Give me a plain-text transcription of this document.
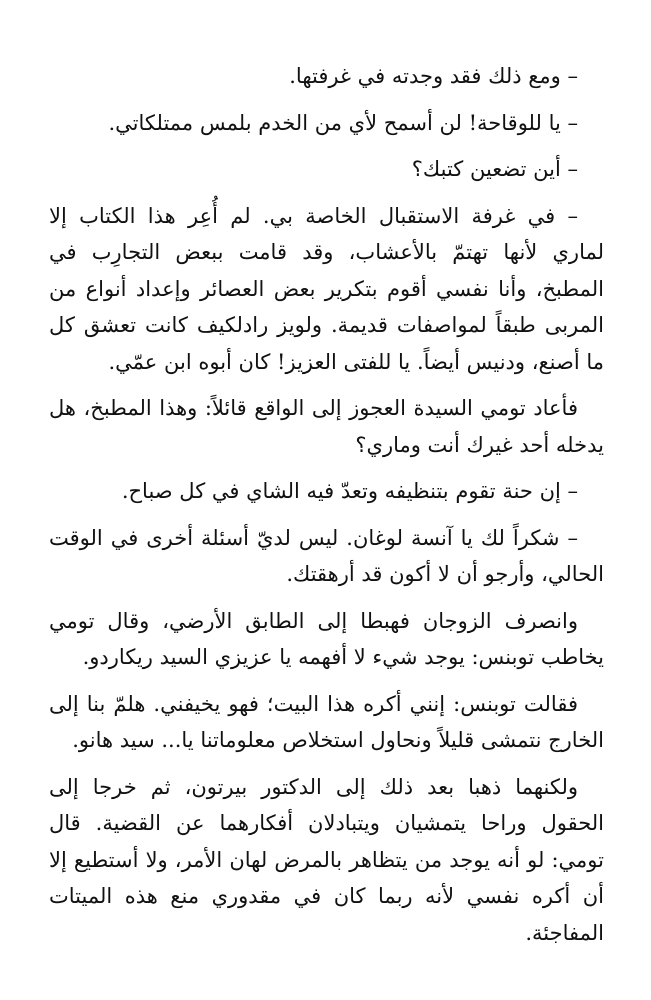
– ومع ذلك فقد وجدته في غرفتها.

– يا للوقاحة! لن أسمح لأي من الخدم بلمس ممتلكاتي.

– أين تضعين كتبك؟

– في غرفة الاستقبال الخاصة بي. لم أُعِر هذا الكتاب إلا لماري لأنها تهتمّ بالأعشاب، وقد قامت ببعض التجارِب في المطبخ، وأنا نفسي أقوم بتكرير بعض العصائر وإعداد أنواع من المربى طبقاً لمواصفات قديمة. ولويز رادلكيف كانت تعشق كل ما أصنع، ودنيس أيضاً. يا للفتى العزيز! كان أبوه ابن عمّي.

فأعاد تومي السيدة العجوز إلى الواقع قائلاً: وهذا المطبخ، هل يدخله أحد غيرك أنت وماري؟

– إن حنة تقوم بتنظيفه وتعدّ فيه الشاي في كل صباح.

– شكراً لك يا آنسة لوغان. ليس لديّ أسئلة أخرى في الوقت الحالي، وأرجو أن لا أكون قد أرهقتك.

وانصرف الزوجان فهبطا إلى الطابق الأرضي، وقال تومي يخاطب توبنس: يوجد شيء لا أفهمه يا عزيزي السيد ريكاردو.

فقالت توبنس: إنني أكره هذا البيت؛ فهو يخيفني. هلمّ بنا إلى الخارج نتمشى قليلاً ونحاول استخلاص معلوماتنا يا... سيد هانو.

ولكنهما ذهبا بعد ذلك إلى الدكتور بيرتون، ثم خرجا إلى الحقول وراحا يتمشيان ويتبادلان أفكارهما عن القضية. قال تومي: لو أنه يوجد من يتظاهر بالمرض لهان الأمر، ولا أستطيع إلا أن أكره نفسي لأنه ربما كان في مقدوري منع هذه الميتات المفاجئة.
